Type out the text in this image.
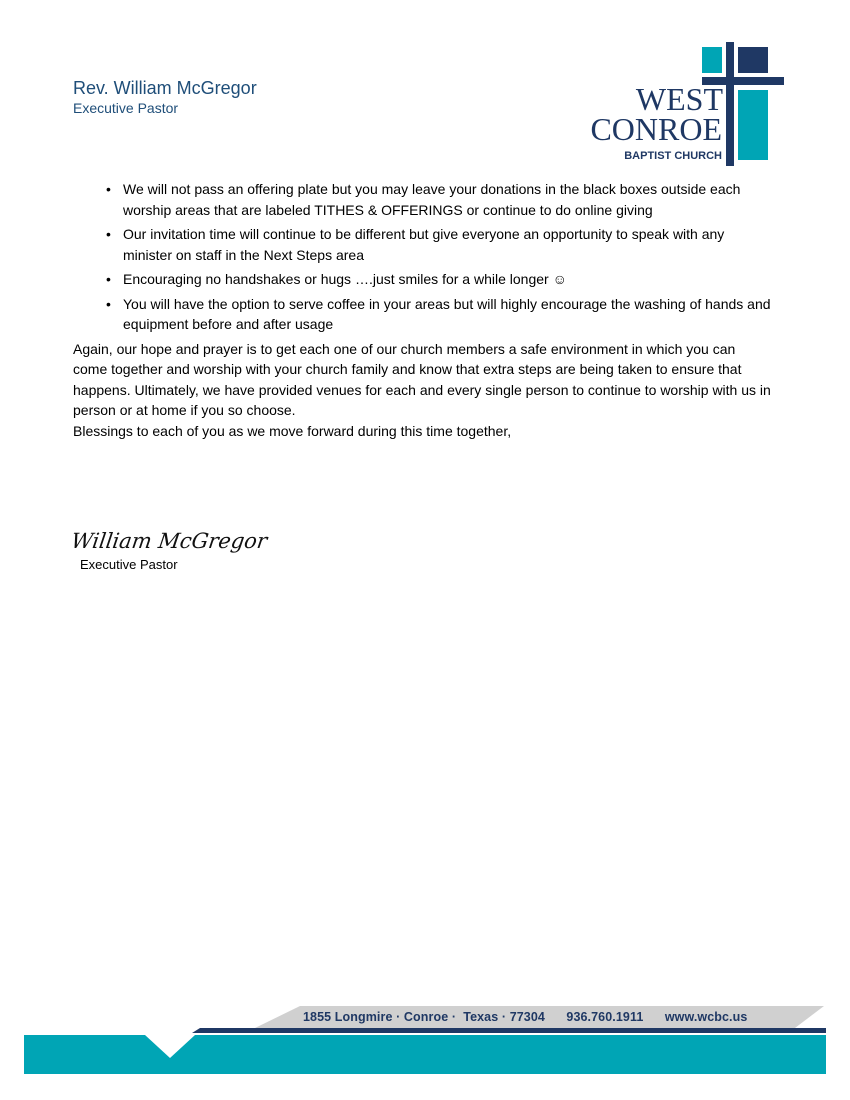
Rev. William McGregor
Executive Pastor	WEST
CONROE
BAPTIST CHURCH
• We will not pass an offering plate but you may leave your donations in the black boxes outside each worship areas that are labeled TITHES & OFFERINGS or continue to do online giving
• Our invitation time will continue to be different but give everyone an opportunity to speak with any minister on staff in the Next Steps area
• Encouraging no handshakes or hugs ….just smiles for a while longer ☺
• You will have the option to serve coffee in your areas but will highly encourage the washing of hands and equipment before and after usage

Again, our hope and prayer is to get each one of our church members a safe environment in which you can come together and worship with your church family and know that extra steps are being taken to ensure that happens. Ultimately, we have provided venues for each and every single person to continue to worship with us in person or at home if you so choose.

Blessings to each of you as we move forward during this time together,

William McGregor
Executive Pastor
1855 Longmire · Conroe ·  Texas · 77304 936.760.1911 www.wcbc.us
